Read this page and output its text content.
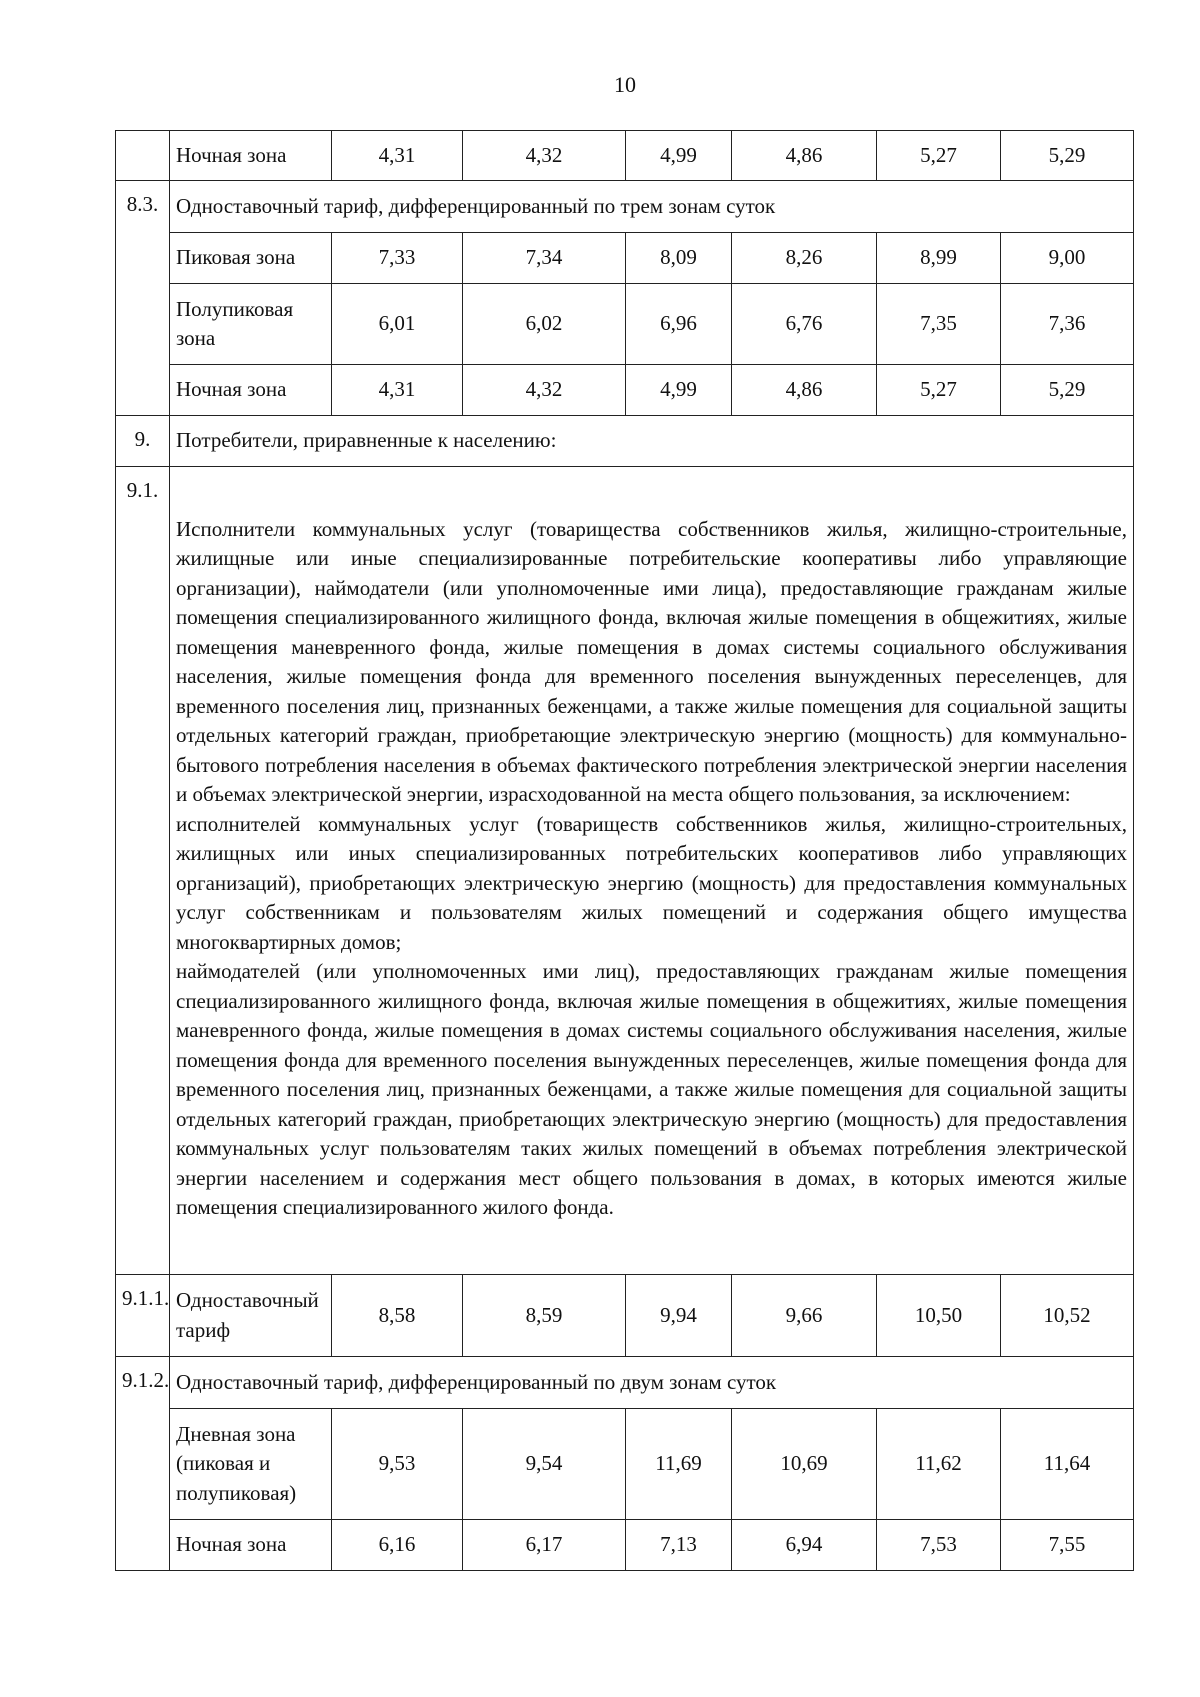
10
	Ночная зона	4,31	4,32	4,99	4,86	5,27	5,29
8.3.	Одноставочный тариф, дифференцированный по трем зонам суток						
	Пиковая зона	7,33	7,34	8,09	8,26	8,99	9,00
	Полупиковая зона	6,01	6,02	6,96	6,76	7,35	7,36
	Ночная зона	4,31	4,32	4,99	4,86	5,27	5,29
9.	Потребители, приравненные к населению:						
9.1.	Исполнители коммунальных услуг (товарищества собственников жилья, жилищно-строительные, жилищные или иные специализированные потребительские кооперативы либо управляющие организации), наймодатели (или уполномоченные ими лица), предоставляющие гражданам жилые помещения специализированного жилищного фонда, включая жилые помещения в общежитиях, жилые помещения маневренного фонда, жилые помещения в домах системы социального обслуживания населения, жилые помещения фонда для временного поселения вынужденных переселенцев, для временного поселения лиц, признанных беженцами, а также жилые помещения для социальной защиты отдельных категорий граждан, приобретающие электрическую энергию (мощность) для коммунально-бытового потребления населения в объемах фактического потребления электрической энергии населения и объемах электрической энергии, израсходованной на места общего пользования, за исключением:
исполнителей коммунальных услуг (товариществ собственников жилья, жилищно-строительных, жилищных или иных специализированных потребительских кооперативов либо управляющих организаций), приобретающих электрическую энергию (мощность) для предоставления коммунальных услуг собственникам и пользователям жилых помещений и содержания общего имущества многоквартирных домов;
наймодателей (или уполномоченных ими лиц), предоставляющих гражданам жилые помещения специализированного жилищного фонда, включая жилые помещения в общежитиях, жилые помещения маневренного фонда, жилые помещения в домах системы социального обслуживания населения, жилые помещения фонда для временного поселения вынужденных переселенцев, жилые помещения фонда для временного поселения лиц, признанных беженцами, а также жилые помещения для социальной защиты отдельных категорий граждан, приобретающих электрическую энергию (мощность) для предоставления коммунальных услуг пользователям таких жилых помещений в объемах потребления электрической энергии населением и содержания мест общего пользования в домах, в которых имеются жилые помещения специализированного жилого фонда.						

9.1.1.	Одноставочный тариф	8,58	8,59	9,94	9,66	10,50	10,52
9.1.2.	Одноставочный тариф, дифференцированный по двум зонам суток						
	Дневная зона (пиковая и полупиковая)	9,53	9,54	11,69	10,69	11,62	11,64
	Ночная зона	6,16	6,17	7,13	6,94	7,53	7,55
